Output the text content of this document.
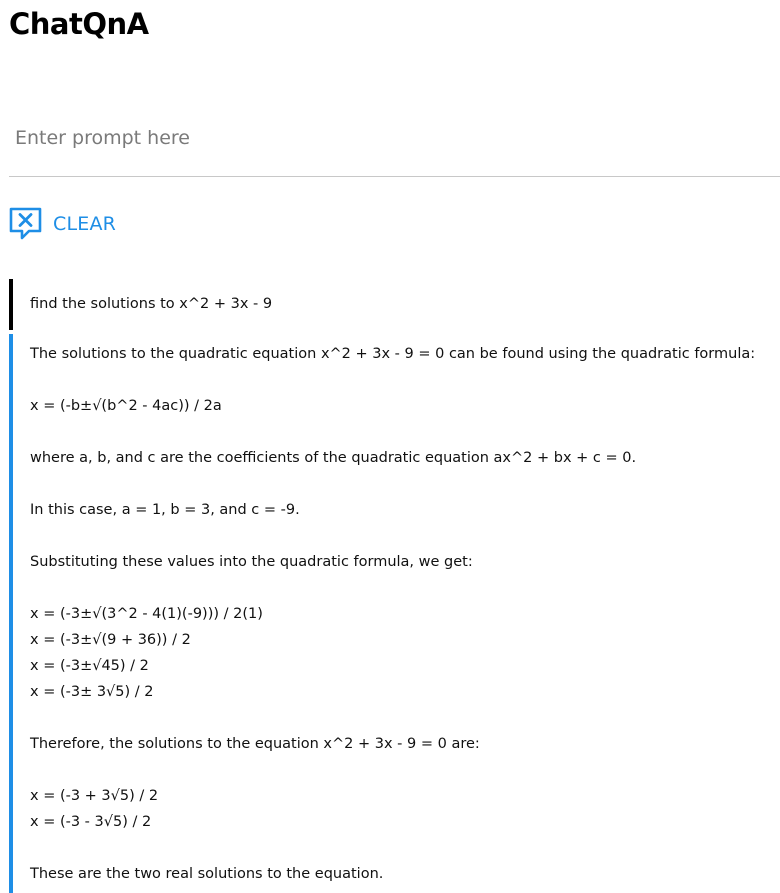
ChatQnA
Enter prompt here
CLEAR
find the solutions to x^2 + 3x - 9
The solutions to the quadratic equation x^2 + 3x - 9 = 0 can be found using the quadratic formula:
x = (-b±√(b^2 - 4ac)) / 2a
where a, b, and c are the coefficients of the quadratic equation ax^2 + bx + c = 0.
In this case, a = 1, b = 3, and c = -9.
Substituting these values into the quadratic formula, we get:
x = (-3±√(3^2 - 4(1)(-9))) / 2(1)
x = (-3±√(9 + 36)) / 2
x = (-3±√45) / 2
x = (-3± 3√5) / 2
Therefore, the solutions to the equation x^2 + 3x - 9 = 0 are:
x = (-3 + 3√5) / 2
x = (-3 - 3√5) / 2
These are the two real solutions to the equation.
